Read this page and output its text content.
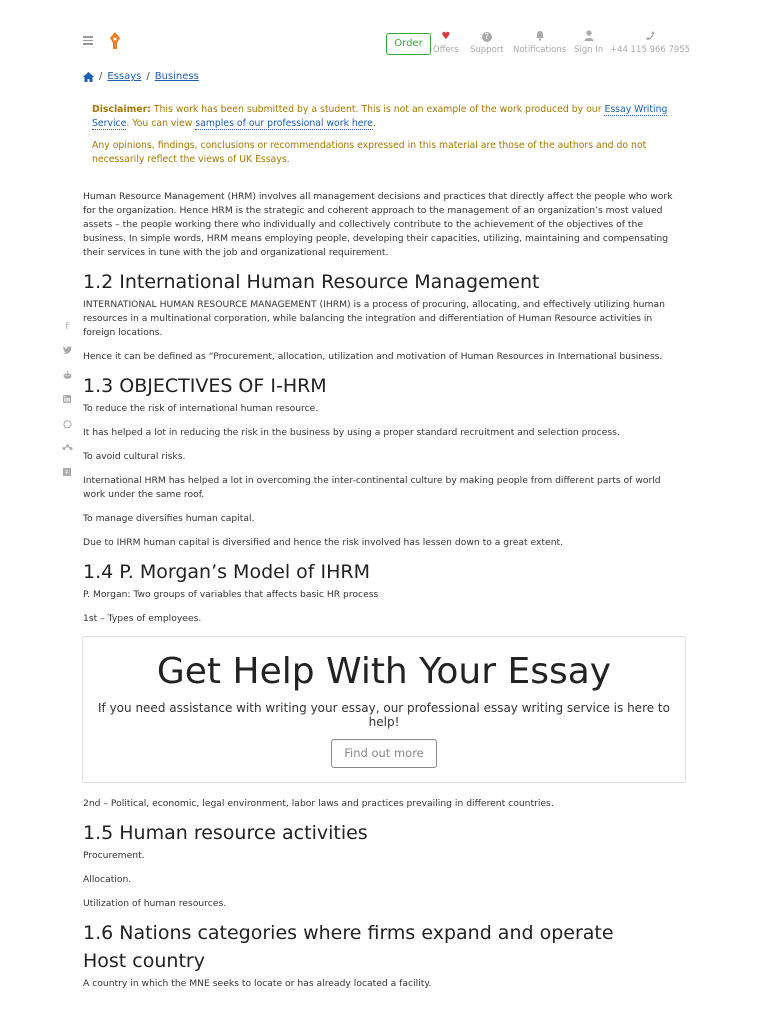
Order
♥
Offers
?
Support Notifications Sign In +44 115 966 7955
/ Essays / Business

Disclaimer: This work has been submitted by a student. This is not an example of the work produced by our Essay Writing Service. You can view samples of our professional work here.

Any opinions, findings, conclusions or recommendations expressed in this material are those of the authors and do not necessarily reflect the views of UK Essays.

f
R

Human Resource Management (HRM) involves all management decisions and practices that directly affect the people who work for the organization. Hence HRM is the strategic and coherent approach to the management of an organization’s most valued assets – the people working there who individually and collectively contribute to the achievement of the objectives of the business. In simple words, HRM means employing people, developing their capacities, utilizing, maintaining and compensating their services in tune with the job and organizational requirement.

1.2 International Human Resource Management

INTERNATIONAL HUMAN RESOURCE MANAGEMENT (IHRM) is a process of procuring, allocating, and effectively utilizing human resources in a multinational corporation, while balancing the integration and differentiation of Human Resource activities in foreign locations.

Hence it can be defined as “Procurement, allocation, utilization and motivation of Human Resources in International business.

1.3 OBJECTIVES OF I-HRM

To reduce the risk of international human resource.

It has helped a lot in reducing the risk in the business by using a proper standard recruitment and selection process.

To avoid cultural risks.

International HRM has helped a lot in overcoming the inter-continental culture by making people from different parts of world work under the same roof.

To manage diversifies human capital.

Due to IHRM human capital is diversified and hence the risk involved has lessen down to a great extent.

1.4 P. Morgan’s Model of IHRM

P. Morgan: Two groups of variables that affects basic HR process

1st – Types of employees.

Get Help With Your Essay
If you need assistance with writing your essay, our professional essay writing service is here to help!
Find out more

2nd – Political, economic, legal environment, labor laws and practices prevailing in different countries.

1.5 Human resource activities

Procurement.

Allocation.

Utilization of human resources.

1.6 Nations categories where firms expand and operate
Host country

A country in which the MNE seeks to locate or has already located a facility.
